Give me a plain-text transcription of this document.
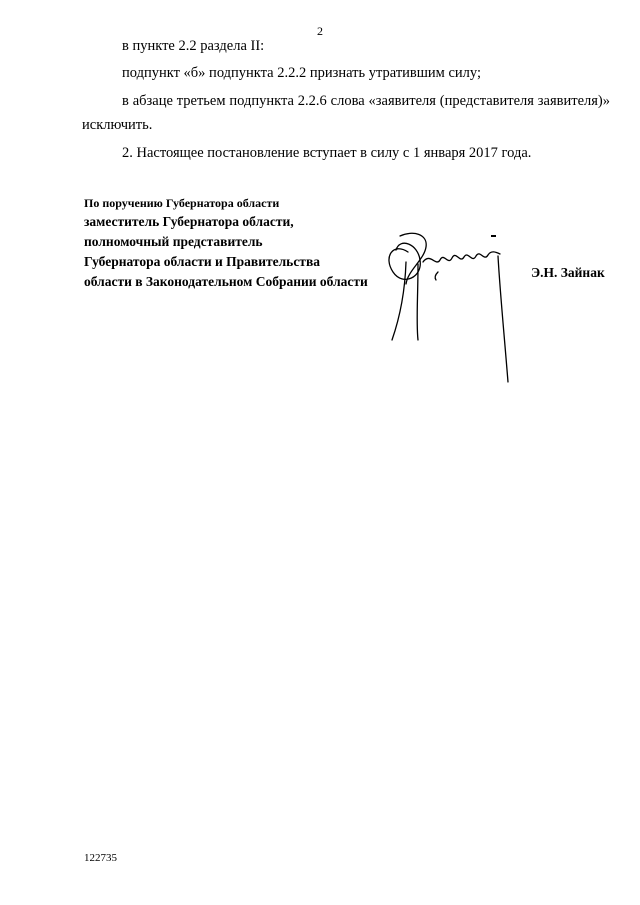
2

в пункте 2.2 раздела II:

подпункт «б» подпункта 2.2.2 признать утратившим силу;

в абзаце третьем подпункта 2.2.6 слова «заявителя (представителя заявителя)» исключить.

2. Настоящее постановление вступает в силу с 1 января 2017 года.

По поручению Губернатора области
заместитель Губернатора области,
полномочный представитель
Губернатора области и Правительства
области в Законодательном Собрании области
Э.Н. Зайнак
122735
